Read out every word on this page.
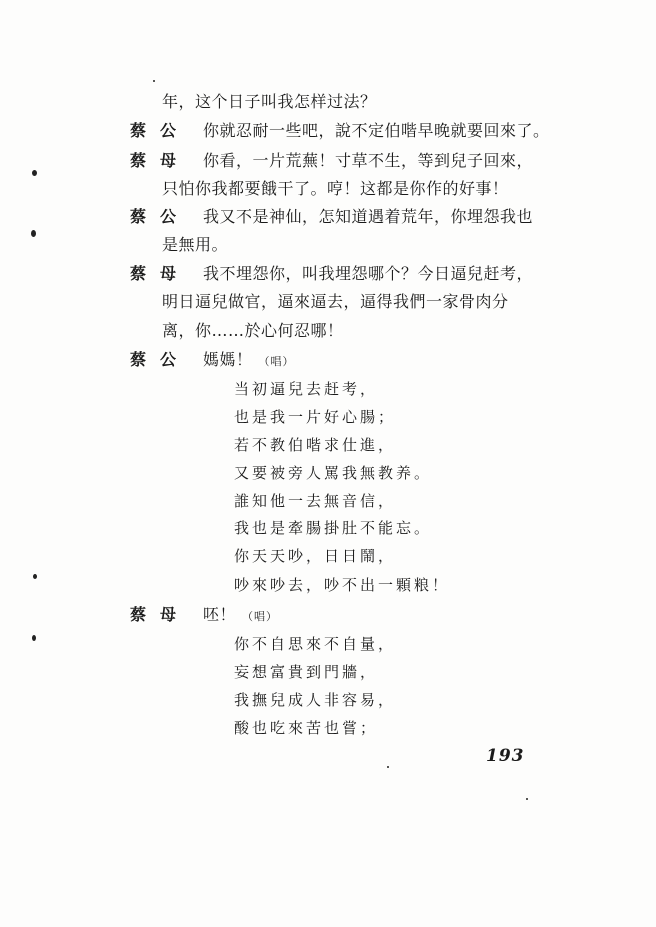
年，这个日子叫我怎样过法？
蔡公 你就忍耐一些吧，說不定伯喈早晚就要回來了。
蔡母 你看，一片荒蕪！寸草不生，等到兒子回來，
只怕你我都要餓干了。哼！这都是你作的好事！
蔡公 我又不是神仙，怎知道遇着荒年，你埋怨我也
是無用。
蔡母 我不埋怨你，叫我埋怨哪个？今日逼兒赶考，
明日逼兒做官，逼來逼去，逼得我們一家骨肉分
离，你……於心何忍哪！
蔡公 媽媽！ （唱）
当初逼兒去赶考，
也是我一片好心腸；
若不教伯喈求仕進，
又要被旁人罵我無教养。
誰知他一去無音信，
我也是牽腸掛肚不能忘。
你天天吵，日日鬧，
吵來吵去，吵不出一顆粮！
蔡母 呸！ （唱）
你不自思來不自量，
妄想富貴到門牆，
我撫兒成人非容易，
酸也吃來苦也嘗；
193
